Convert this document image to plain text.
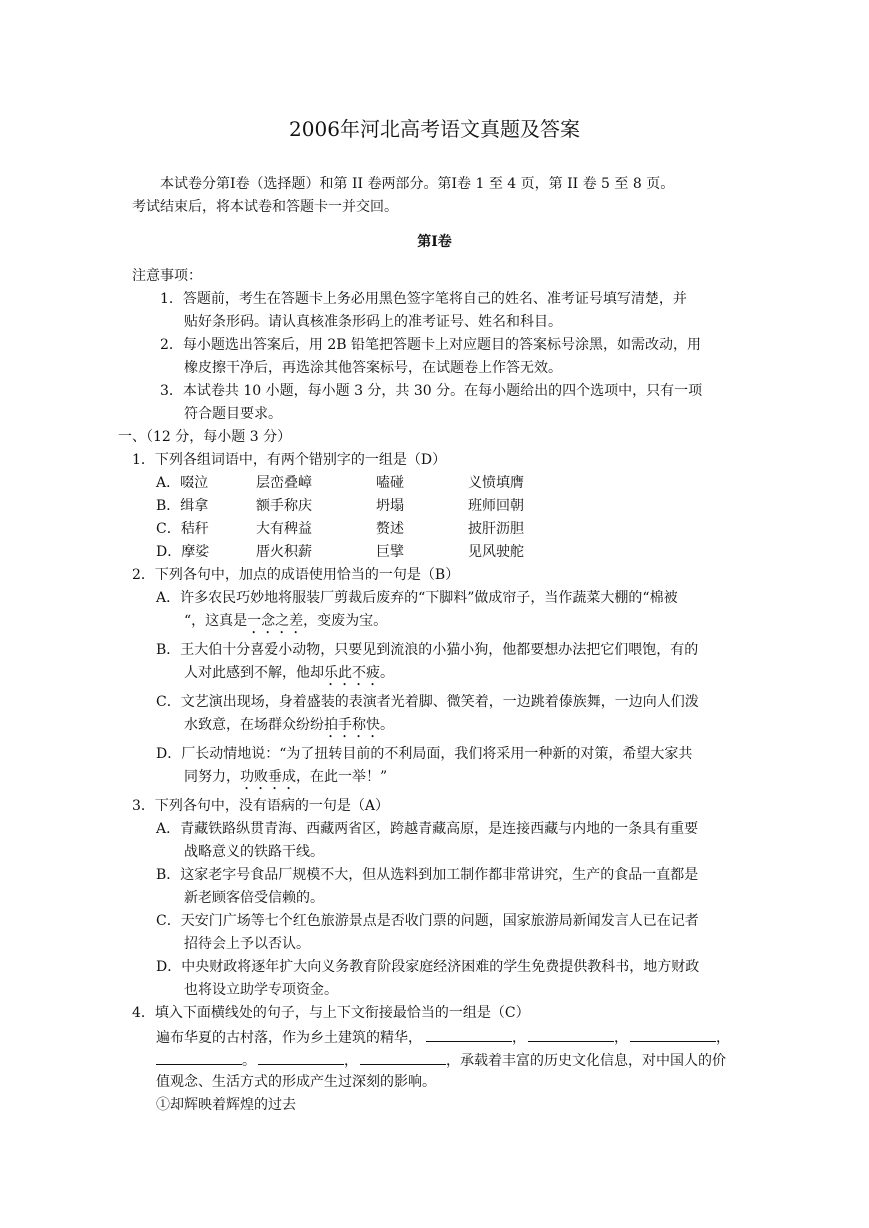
2006年河北高考语文真题及答案
本试卷分第Ⅰ卷（选择题）和第 II 卷两部分。第Ⅰ卷 1 至 4 页，第 II 卷 5 至 8 页。
考试结束后，将本试卷和答题卡一并交回。
第Ⅰ卷
注意事项：
1．答题前，考生在答题卡上务必用黑色签字笔将自己的姓名、准考证号填写清楚，并
贴好条形码。请认真核准条形码上的准考证号、姓名和科目。
2．每小题选出答案后，用 2B 铅笔把答题卡上对应题目的答案标号涂黑，如需改动，用
橡皮擦干净后，再选涂其他答案标号，在试题卷上作答无效。
3．本试卷共 10 小题，每小题 3 分，共 30 分。在每小题给出的四个选项中，只有一项
符合题目要求。
一、（12 分，每小题 3 分）
1．下列各组词语中，有两个错别字的一组是（D）
A．啜泣	层峦叠嶂	嗑碰	义愤填膺
B．缉拿	额手称庆	坍塌	班师回朝
C．秸秆	大有稗益	赘述	披肝沥胆
D．摩娑	厝火积薪	巨擘	见风驶舵
2．下列各句中，加点的成语使用恰当的一句是（B）
A．许多农民巧妙地将服装厂剪裁后废弃的“下脚料”做成帘子，当作蔬菜大棚的“棉被
“，这真是一念之差，变废为宝。
B．王大伯十分喜爱小动物，只要见到流浪的小猫小狗，他都要想办法把它们喂饱，有的
人对此感到不解，他却乐此不疲。
C．文艺演出现场，身着盛装的表演者光着脚、微笑着，一边跳着傣族舞，一边向人们泼
水致意，在场群众纷纷拍手称快。
D．厂长动情地说：“为了扭转目前的不利局面，我们将采用一种新的对策，希望大家共
同努力，功败垂成，在此一举！”
3．下列各句中，没有语病的一句是（A）
A．青藏铁路纵贯青海、西藏两省区，跨越青藏高原，是连接西藏与内地的一条具有重要
战略意义的铁路干线。
B．这家老字号食品厂规模不大，但从选料到加工制作都非常讲究，生产的食品一直都是
新老顾客倍受信赖的。
C．天安门广场等七个红色旅游景点是否收门票的问题，国家旅游局新闻发言人已在记者
招待会上予以否认。
D．中央财政将逐年扩大向义务教育阶段家庭经济困难的学生免费提供教科书，地方财政
也将设立助学专项资金。
4．填入下面横线处的句子，与上下文衔接最恰当的一组是（C）
遍布华夏的古村落，作为乡土建筑的精华，	，	，	，
。	，	，承载着丰富的历史文化信息，对中国人的价
值观念、生活方式的形成产生过深刻的影响。
①却辉映着辉煌的过去
